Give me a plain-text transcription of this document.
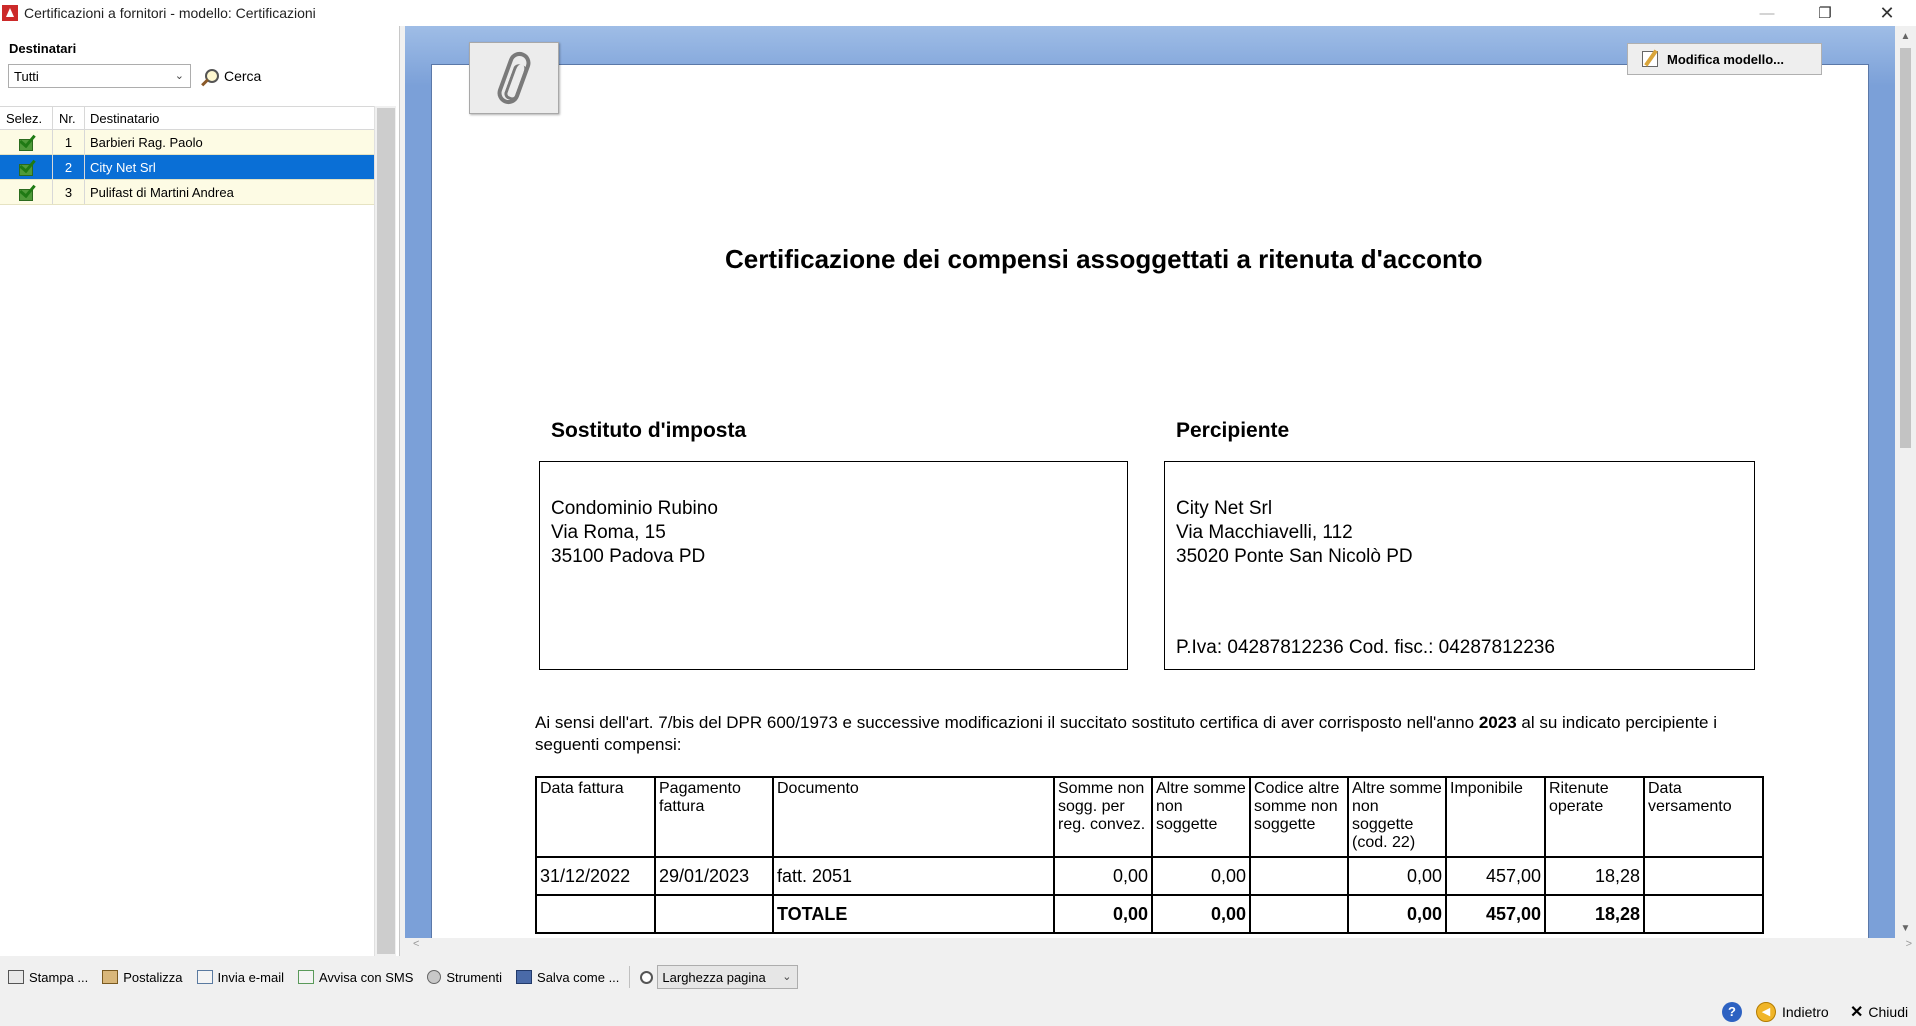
Certificazioni a fornitori - modello: Certificazioni	—	❐	✕
Destinatari
Tutti	⌄	Cerca
Selez.	Nr.	Destinatario
1	Barbieri Rag. Paolo
2	City Net Srl
3	Pulifast di Martini Andrea
Modifica modello...
Certificazione dei compensi assoggettati a ritenuta d'acconto
Sostituto d'imposta	Percipiente
Condominio Rubino
Via Roma, 15
35100 Padova PD
City Net Srl
Via Macchiavelli, 112
35020 Ponte San Nicolò PD
P.Iva: 04287812236 Cod. fisc.: 04287812236
Ai sensi dell'art. 7/bis del DPR 600/1973 e successive modificazioni il succitato sostituto certifica di aver corrisposto nell'anno 2023 al su indicato percipiente i seguenti compensi:
Data fattura	Pagamento fattura	Documento	Somme non sogg. per reg. convez.	Altre somme non soggette	Codice altre somme non soggette	Altre somme non soggette (cod. 22)	Imponibile	Ritenute operate	Data versamento
31/12/2022	29/01/2023	fatt. 2051	0,00	0,00		0,00	457,00	18,28	
		TOTALE	0,00	0,00		0,00	457,00	18,28	
▲
▼
<	>
Stampa ...	Postalizza	Invia e-mail	Avvisa con SMS	Strumenti	Salva come ...	Larghezza pagina ⌄
?	◀ Indietro ✕ Chiudi
